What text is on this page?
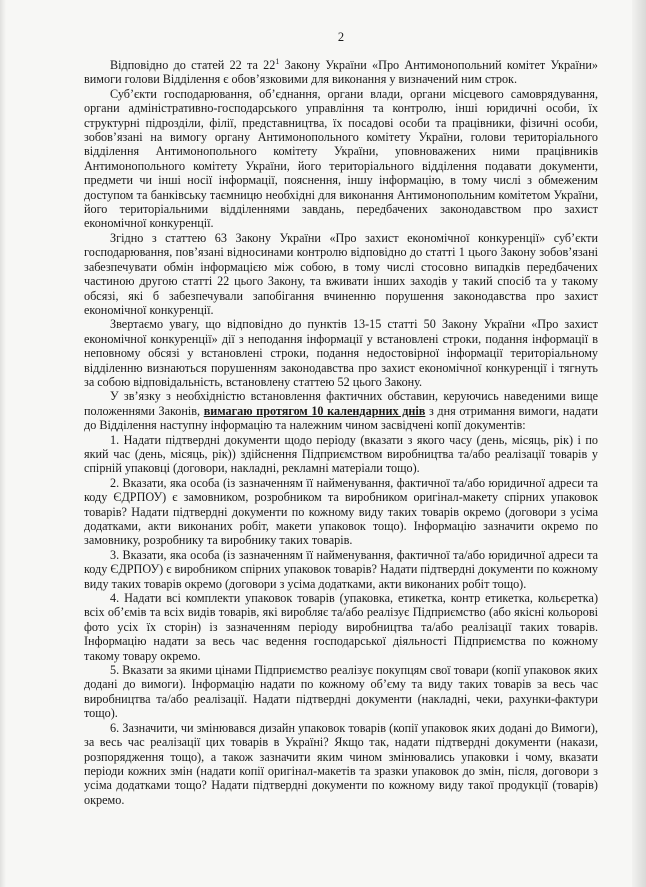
2

Відповідно до статей 22 та $22^1$ Закону України «Про Антимонопольний комітет України» вимоги голови Відділення є обов’язковими для виконання у визначений ним строк.

Суб’єкти господарювання, об’єднання, органи влади, органи місцевого самоврядування, органи адміністративно-господарського управління та контролю, інші юридичні особи, їх структурні підрозділи, філії, представництва, їх посадові особи та працівники, фізичні особи, зобов’язані на вимогу органу Антимонопольного комітету України, голови територіального відділення Антимонопольного комітету України, уповноважених ними працівників Антимонопольного комітету України, його територіального відділення подавати документи, предмети чи інші носії інформації, пояснення, іншу інформацію, в тому числі з обмеженим доступом та банківську таємницю необхідні для виконання Антимонопольним комітетом України, його територіальними відділеннями завдань, передбачених законодавством про захист економічної конкуренції.

Згідно з статтею 63 Закону України «Про захист економічної конкуренції» суб’єкти господарювання, пов’язані відносинами контролю відповідно до статті 1 цього Закону зобов’язані забезпечувати обмін інформацією між собою, в тому числі стосовно випадків передбачених частиною другою статті 22 цього Закону, та вживати інших заходів у такий спосіб та у такому обсязі, які б забезпечували запобігання вчиненню порушення законодавства про захист економічної конкуренції.

Звертаємо увагу, що відповідно до пунктів 13-15 статті 50 Закону України «Про захист економічної конкуренції» дії з неподання інформації у встановлені строки, подання інформації в неповному обсязі у встановлені строки, подання недостовірної інформації територіальному відділенню визнаються порушенням законодавства про захист економічної конкуренції і тягнуть за собою відповідальність, встановлену статтею 52 цього Закону.

У зв’язку з необхідністю встановлення фактичних обставин, керуючись наведеними вище положеннями Законів, вимагаю протягом 10 календарних днів з дня отримання вимоги, надати до Відділення наступну інформацію та належним чином засвідчені копії документів:

1. Надати підтвердні документи щодо періоду (вказати з якого часу (день, місяць, рік) і по який час (день, місяць, рік)) здійснення Підприємством виробництва та/або реалізації товарів у спірній упаковці (договори, накладні, рекламні матеріали тощо).

2. Вказати, яка особа (із зазначенням її найменування, фактичної та/або юридичної адреси та коду ЄДРПОУ) є замовником, розробником та виробником оригінал-макету спірних упаковок товарів? Надати підтвердні документи по кожному виду таких товарів окремо (договори з усіма додатками, акти виконаних робіт, макети упаковок тощо). Інформацію зазначити окремо по замовнику, розробнику та виробнику таких товарів.

3. Вказати, яка особа (із зазначенням її найменування, фактичної та/або юридичної адреси та коду ЄДРПОУ) є виробником спірних упаковок товарів? Надати підтвердні документи по кожному виду таких товарів окремо (договори з усіма додатками, акти виконаних робіт тощо).

4. Надати всі комплекти упаковок товарів (упаковка, етикетка, контр етикетка, кольєретка) всіх об’ємів та всіх видів товарів, які виробляє та/або реалізує Підприємство (або якісні кольорові фото усіх їх сторін) із зазначенням періоду виробництва та/або реалізації таких товарів. Інформацію надати за весь час ведення господарської діяльності Підприємства по кожному такому товару окремо.

5. Вказати за якими цінами Підприємство реалізує покупцям свої товари (копії упаковок яких додані до вимоги). Інформацію надати по кожному об’єму та виду таких товарів за весь час виробництва та/або реалізації. Надати підтвердні документи (накладні, чеки, рахунки-фактури тощо).

6. Зазначити, чи змінювався дизайн упаковок товарів (копії упаковок яких додані до Вимоги), за весь час реалізації цих товарів в Україні? Якщо так, надати підтвердні документи (накази, розпорядження тощо), а також зазначити яким чином змінювались упаковки і чому, вказати періоди кожних змін (надати копії оригінал-макетів та зразки упаковок до змін, після, договори з усіма додатками тощо? Надати підтвердні документи по кожному виду такої продукції (товарів) окремо.
